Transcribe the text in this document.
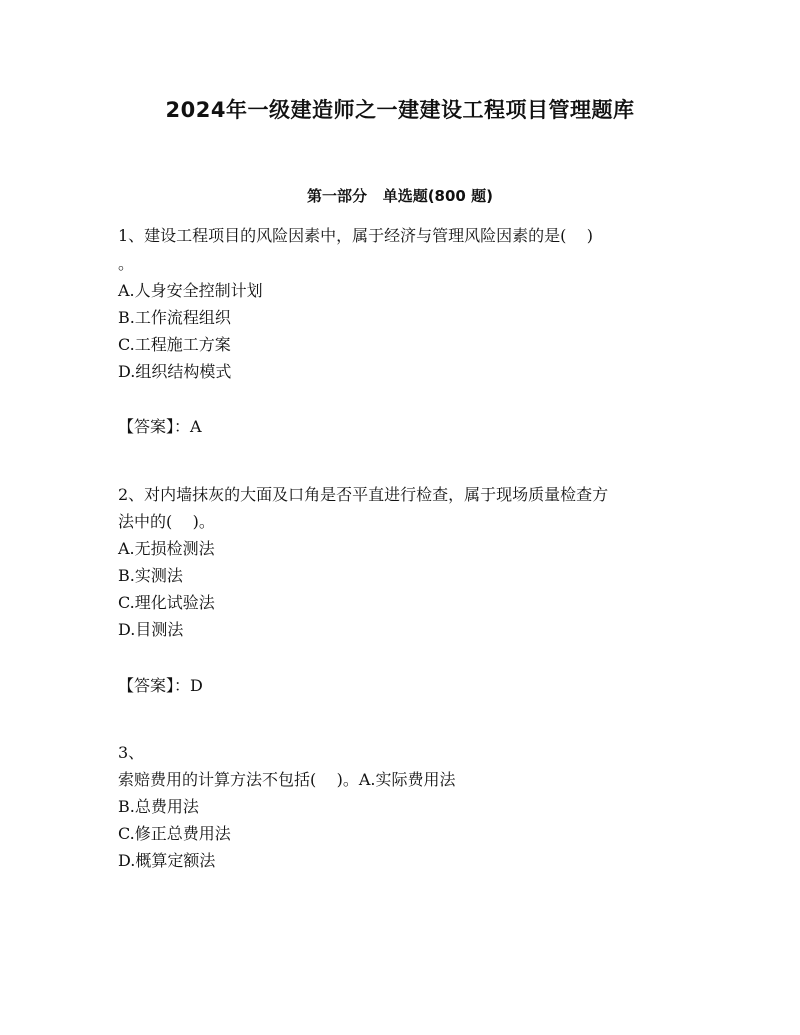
2024年一级建造师之一建建设工程项目管理题库
第一部分   单选题(800 题)
1、建设工程项目的风险因素中，属于经济与管理风险因素的是(    )
。
A.人身安全控制计划
B.工作流程组织
C.工程施工方案
D.组织结构模式
【答案】：A
2、对内墙抹灰的大面及口角是否平直进行检查，属于现场质量检查方
法中的(    )。
A.无损检测法
B.实测法
C.理化试验法
D.目测法
【答案】：D
3、
索赔费用的计算方法不包括(    )。A.实际费用法
B.总费用法
C.修正总费用法
D.概算定额法
